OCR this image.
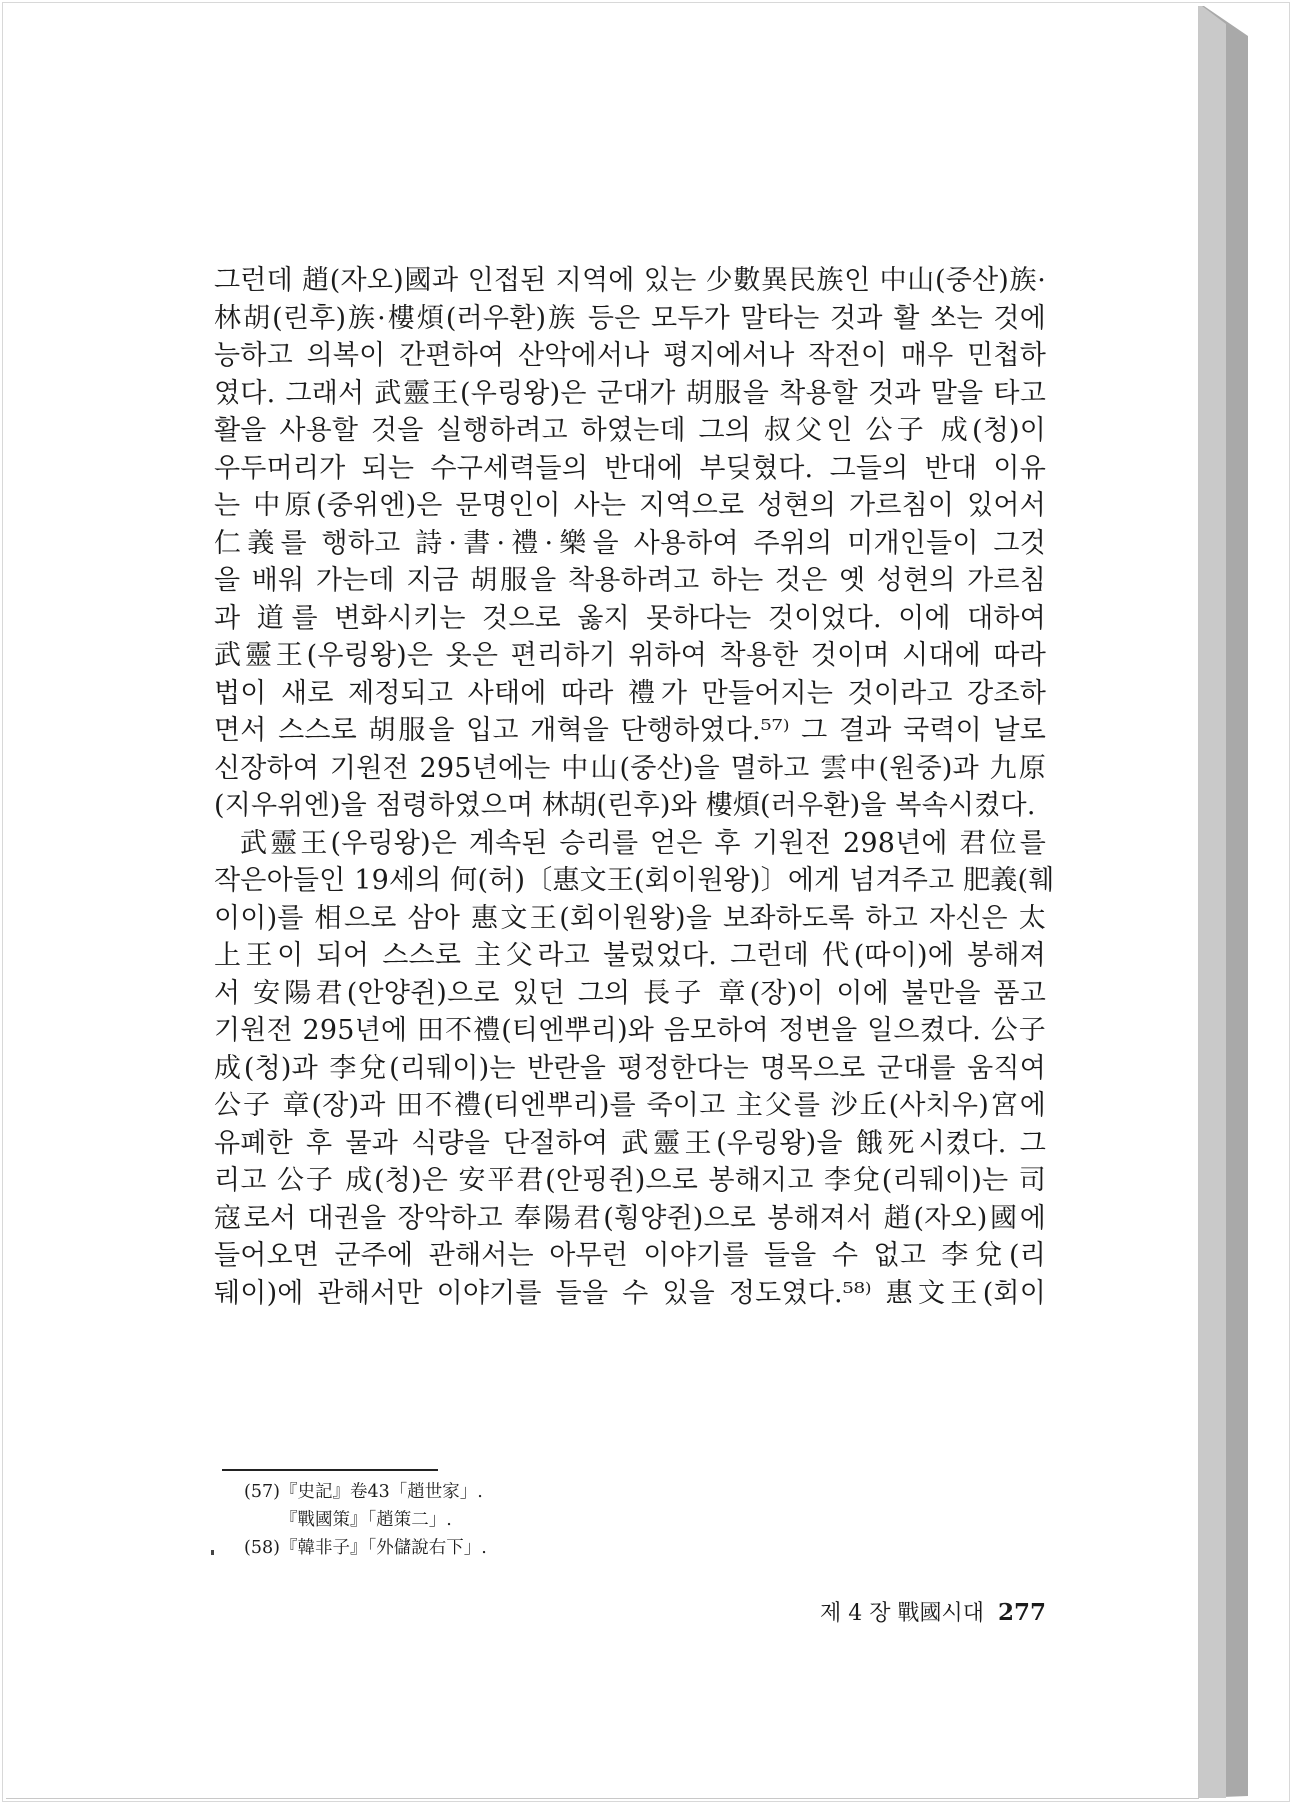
그런데 趙(자오)國과 인접된 지역에 있는 少數異民族인 中山(중산)族·
林胡(린후)族·樓煩(러우환)族 등은 모두가 말타는 것과 활 쏘는 것에
능하고 의복이 간편하여 산악에서나 평지에서나 작전이 매우 민첩하
였다. 그래서 武靈王(우링왕)은 군대가 胡服을 착용할 것과 말을 타고
활을 사용할 것을 실행하려고 하였는데 그의 叔父인 公子 成(청)이
우두머리가 되는 수구세력들의 반대에 부딪혔다. 그들의 반대 이유
는 中原(중위엔)은 문명인이 사는 지역으로 성현의 가르침이 있어서
仁義를 행하고 詩·書·禮·樂을 사용하여 주위의 미개인들이 그것
을 배워 가는데 지금 胡服을 착용하려고 하는 것은 옛 성현의 가르침
과 道를 변화시키는 것으로 옳지 못하다는 것이었다. 이에 대하여
武靈王(우링왕)은 옷은 편리하기 위하여 착용한 것이며 시대에 따라
법이 새로 제정되고 사태에 따라 禮가 만들어지는 것이라고 강조하
면서 스스로 胡服을 입고 개혁을 단행하였다.⁵⁷⁾ 그 결과 국력이 날로
신장하여 기원전 295년에는 中山(중산)을 멸하고 雲中(원중)과 九原
(지우위엔)을 점령하였으며 林胡(린후)와 樓煩(러우환)을 복속시켰다.
武靈王(우링왕)은 계속된 승리를 얻은 후 기원전 298년에 君位를
작은아들인 19세의 何(허)〔惠文王(회이원왕)〕에게 넘겨주고 肥義(훼
이이)를 相으로 삼아 惠文王(회이원왕)을 보좌하도록 하고 자신은 太
上王이 되어 스스로 主父라고 불렀었다. 그런데 代(따이)에 봉해져
서 安陽君(안양쥔)으로 있던 그의 長子 章(장)이 이에 불만을 품고
기원전 295년에 田不禮(티엔뿌리)와 음모하여 정변을 일으켰다. 公子
成(청)과 李兌(리뒈이)는 반란을 평정한다는 명목으로 군대를 움직여
公子 章(장)과 田不禮(티엔뿌리)를 죽이고 主父를 沙丘(사치우)宮에
유폐한 후 물과 식량을 단절하여 武靈王(우링왕)을 餓死시켰다. 그
리고 公子 成(청)은 安平君(안핑쥔)으로 봉해지고 李兌(리뒈이)는 司
寇로서 대권을 장악하고 奉陽君(훵양쥔)으로 봉해져서 趙(자오)國에
들어오면 군주에 관해서는 아무런 이야기를 들을 수 없고 李兌(리
뒈이)에 관해서만 이야기를 들을 수 있을 정도였다.⁵⁸⁾ 惠文王(회이
(57)『史記』卷43「趙世家」.
『戰國策』「趙策二」.
(58)『韓非子』「外儲說右下」.
제 4 장 戰國시대 277
